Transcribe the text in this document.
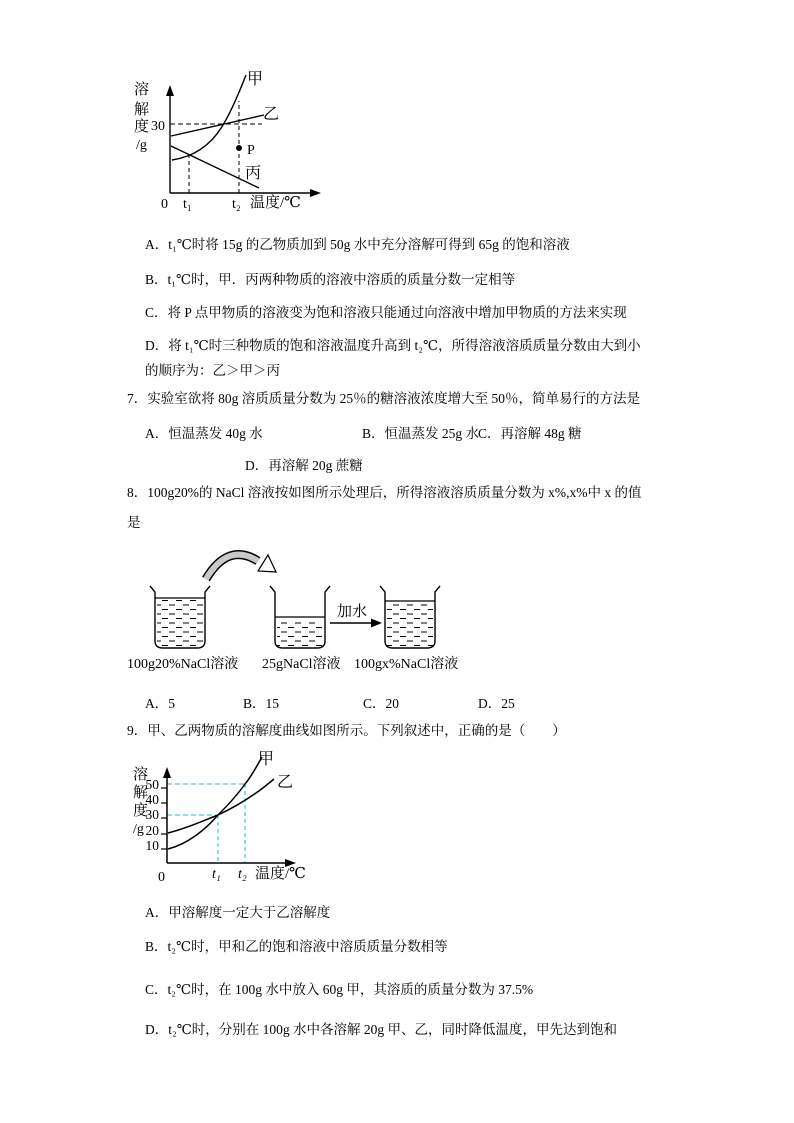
溶
解
度 30
/g
0 t₁	t₂ 温度/℃
甲
乙
丙
P
A．t₁℃时将 15g 的乙物质加到 50g 水中充分溶解可得到 65g 的饱和溶液
B．t₁℃时，甲．丙两种物质的溶液中溶质的质量分数一定相等
C．将 P 点甲物质的溶液变为饱和溶液只能通过向溶液中增加甲物质的方法来实现
D．将 t₁℃时三种物质的饱和溶液温度升高到 t₂℃，所得溶液溶质质量分数由大到小
的顺序为：乙＞甲＞丙
7．实验室欲将 80g 溶质质量分数为 25％的糖溶液浓度增大至 50％，简单易行的方法是
A．恒温蒸发 40g 水	B．恒温蒸发 25g 水
C．再溶解 48g 糖
D．再溶解 20g 蔗糖
8．100g20%的 NaCl 溶液按如图所示处理后，所得溶液溶质质量分数为 x%,x%中 x 的值
是
加水
100g20%NaCl溶液 25gNaCl溶液 100gx%NaCl溶液
A．5	B．15	C．20	D．25
9．甲、乙两物质的溶解度曲线如图所示。下列叙述中，正确的是（　　）
溶
解
度
/g
50
40
30
20
10
0	t₁ t₂ 温度/℃
甲
乙
A．甲溶解度一定大于乙溶解度
B．t₂℃时，甲和乙的饱和溶液中溶质质量分数相等
C．t₂℃时，在 100g 水中放入 60g 甲，其溶质的质量分数为 37.5%
D．t₂℃时，分别在 100g 水中各溶解 20g 甲、乙，同时降低温度，甲先达到饱和
